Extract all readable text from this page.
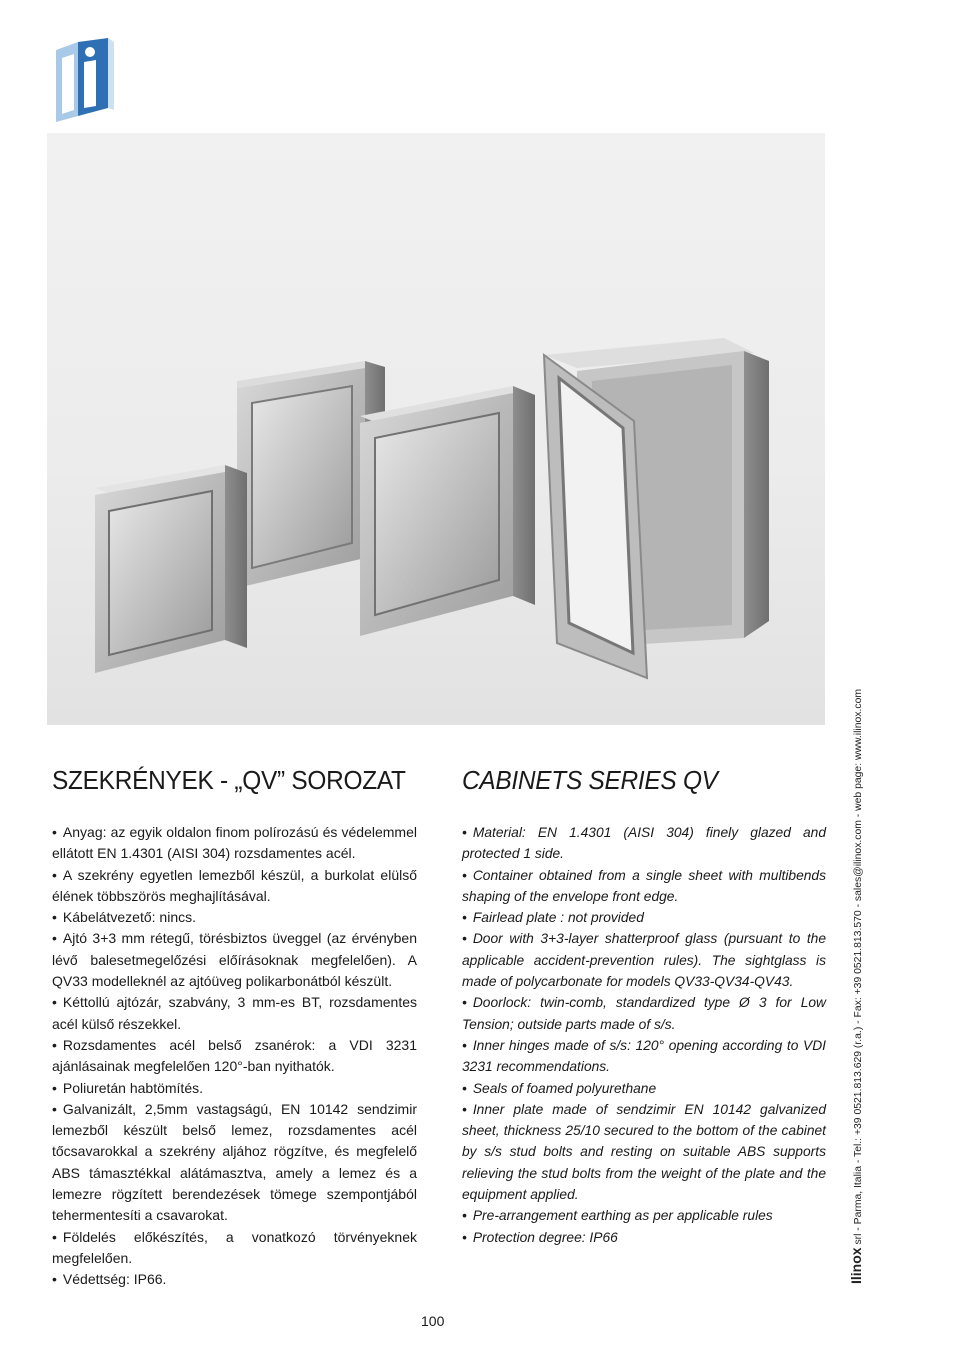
SZEKRÉNYEK - „QV” SOROZAT
• Anyag: az egyik oldalon finom polírozású és védelemmel ellátott EN 1.4301 (AISI 304) rozsdamentes acél.
• A szekrény egyetlen lemezből készül, a burkolat elülső élének többszörös meghajlításával.
• Kábelátvezető: nincs.
• Ajtó 3+3 mm rétegű, törésbiztos üveggel (az érvényben lévő balesetmegelőzési előírásoknak megfelelően). A QV33 modelleknél az ajtóüveg polikarbonátból készült.
• Kéttollú ajtózár, szabvány, 3 mm-es BT, rozsdamentes acél külső részekkel.
• Rozsdamentes acél belső zsanérok: a VDI 3231 ajánlásainak megfelelően 120°-ban nyithatók.
• Poliuretán habtömítés.
• Galvanizált, 2,5mm vastagságú, EN 10142 sendzimir lemezből készült belső lemez, rozsdamentes acél tőcsavarokkal a szekrény aljához rögzítve, és megfelelő ABS támasztékkal alátámasztva, amely a lemez és a lemezre rögzített berendezések tömege szempontjából tehermentesíti a csavarokat.
• Földelés előkészítés, a vonatkozó törvényeknek megfelelően.
• Védettség: IP66.
CABINETS SERIES QV
• Material: EN 1.4301 (AISI 304) finely glazed and protected 1 side.
• Container obtained from a single sheet with multibends shaping of the envelope front edge.
• Fairlead plate : not provided
• Door with 3+3-layer shatterproof glass (pursuant to the applicable accident-prevention rules). The sightglass is made of polycarbonate for models QV33-QV34-QV43.
• Doorlock: twin-comb, standardized type Ø 3 for Low Tension; outside parts made of s/s.
• Inner hinges made of s/s: 120° opening according to VDI 3231 recommendations.
• Seals of foamed polyurethane
• Inner plate made of sendzimir EN 10142 galvanized sheet, thickness 25/10 secured to the bottom of the cabinet by s/s stud bolts and resting on suitable ABS supports relieving the stud bolts from the weight of the plate and the equipment applied.
• Pre-arrangement earthing as per applicable rules
• Protection degree: IP66
Ilinox srl - Parma, Italia - Tel.: +39 0521.813.629 (r.a.) - Fax: +39 0521.813.570 - sales@ilinox.com - web page: www.ilinox.com
100
